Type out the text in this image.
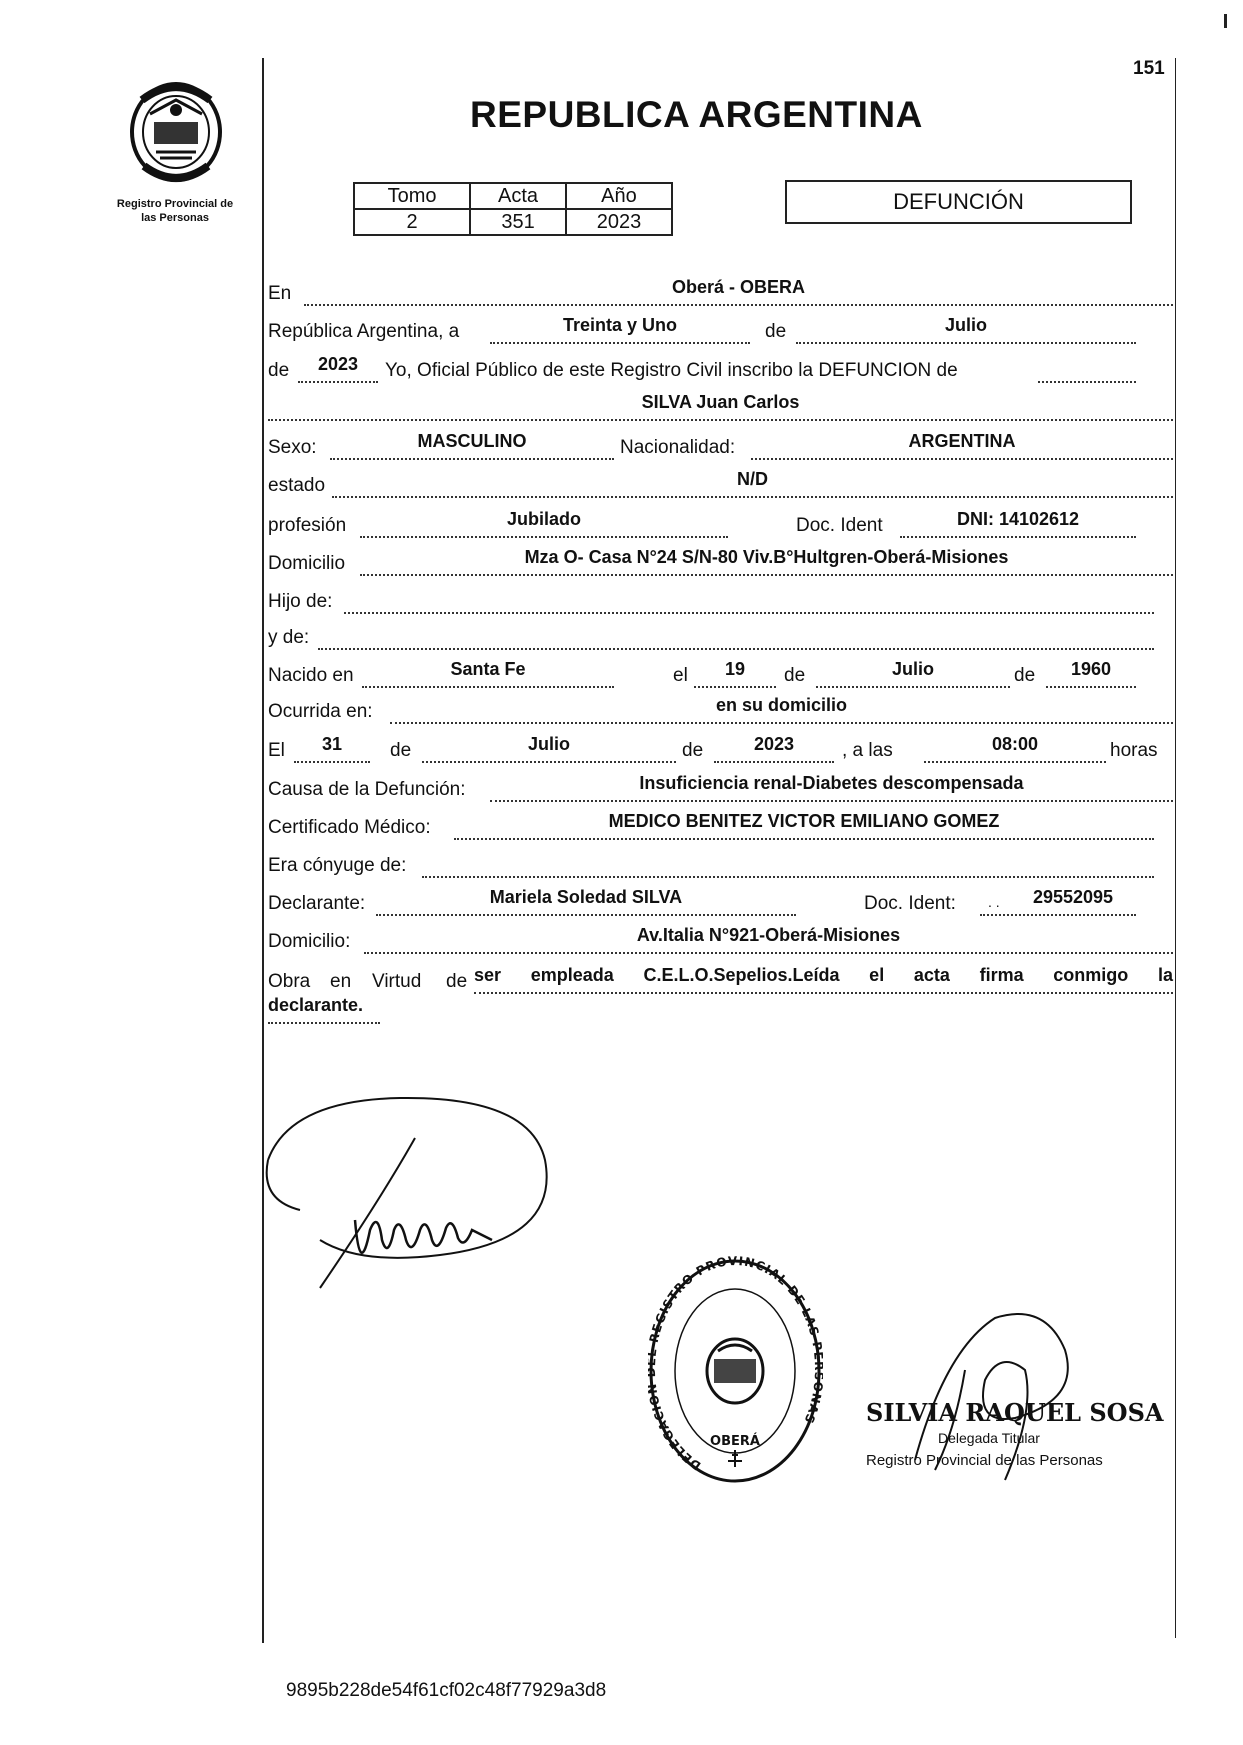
151
Registro Provincial de
las Personas
REPUBLICA ARGENTINA
Tomo	Acta	Año
2	351	2023
DEFUNCIÓN
En	Oberá - OBERA
República Argentina, a	Treinta y Uno	de	Julio
de	2023	Yo, Oficial Público de este Registro Civil inscribo la DEFUNCION de
SILVA Juan Carlos
Sexo:	MASCULINO	Nacionalidad:	ARGENTINA
estado	N/D
profesión	Jubilado	Doc. Ident	DNI: 14102612
Domicilio	Mza O- Casa N°24 S/N-80 Viv.B°Hultgren-Oberá-Misiones
Hijo de:
y de:
Nacido en	Santa Fe	el	19	de	Julio	de	1960
Ocurrida en:	en su domicilio
El	31	de	Julio	de	2023	, a las	08:00	horas
Causa de la Defunción:	Insuficiencia renal-Diabetes descompensada
Certificado Médico:	MEDICO BENITEZ VICTOR EMILIANO GOMEZ
Era cónyuge de:
Declarante:	Mariela Soledad SILVA	Doc. Ident: . .	29552095
Domicilio:	Av.Italia N°921-Oberá-Misiones
Obra en Virtud de ser empleada C.E.L.O.Sepelios.Leída el acta firma conmigo la
declarante.
DELEGACIO REGISTRO PROVINCIAL DE LAS NAS
OBERÁ
SILVIA RAQUEL SOSA
Delegada Titular
Registro Provincial de las Personas
9895b228de54f61cf02c48f77929a3d8
